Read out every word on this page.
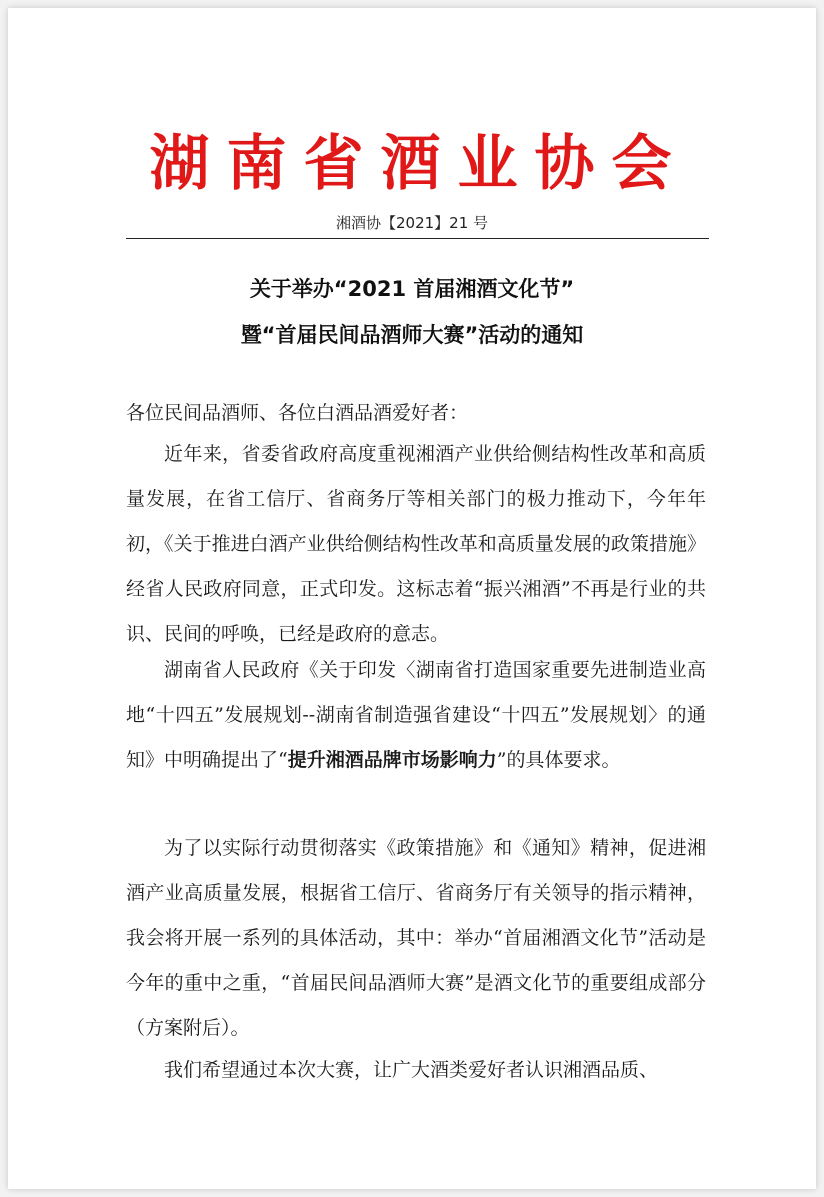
湖南省酒业协会
湘酒协【2021】21 号
关于举办“2021 首届湘酒文化节”
暨“首届民间品酒师大赛”活动的通知
各位民间品酒师、各位白酒品酒爱好者：

近年来，省委省政府高度重视湘酒产业供给侧结构性改革和高质量发展，在省工信厅、省商务厅等相关部门的极力推动下，今年年初，《关于推进白酒产业供给侧结构性改革和高质量发展的政策措施》经省人民政府同意，正式印发。这标志着“振兴湘酒”不再是行业的共识、民间的呼唤，已经是政府的意志。

湖南省人民政府《关于印发〈湖南省打造国家重要先进制造业高地“十四五”发展规划--湖南省制造强省建设“十四五”发展规划〉的通知》中明确提出了“提升湘酒品牌市场影响力”的具体要求。

为了以实际行动贯彻落实《政策措施》和《通知》精神，促进湘酒产业高质量发展，根据省工信厅、省商务厅有关领导的指示精神，我会将开展一系列的具体活动，其中：举办“首届湘酒文化节”活动是今年的重中之重，“首届民间品酒师大赛”是酒文化节的重要组成部分（方案附后）。

我们希望通过本次大赛，让广大酒类爱好者认识湘酒品质、
